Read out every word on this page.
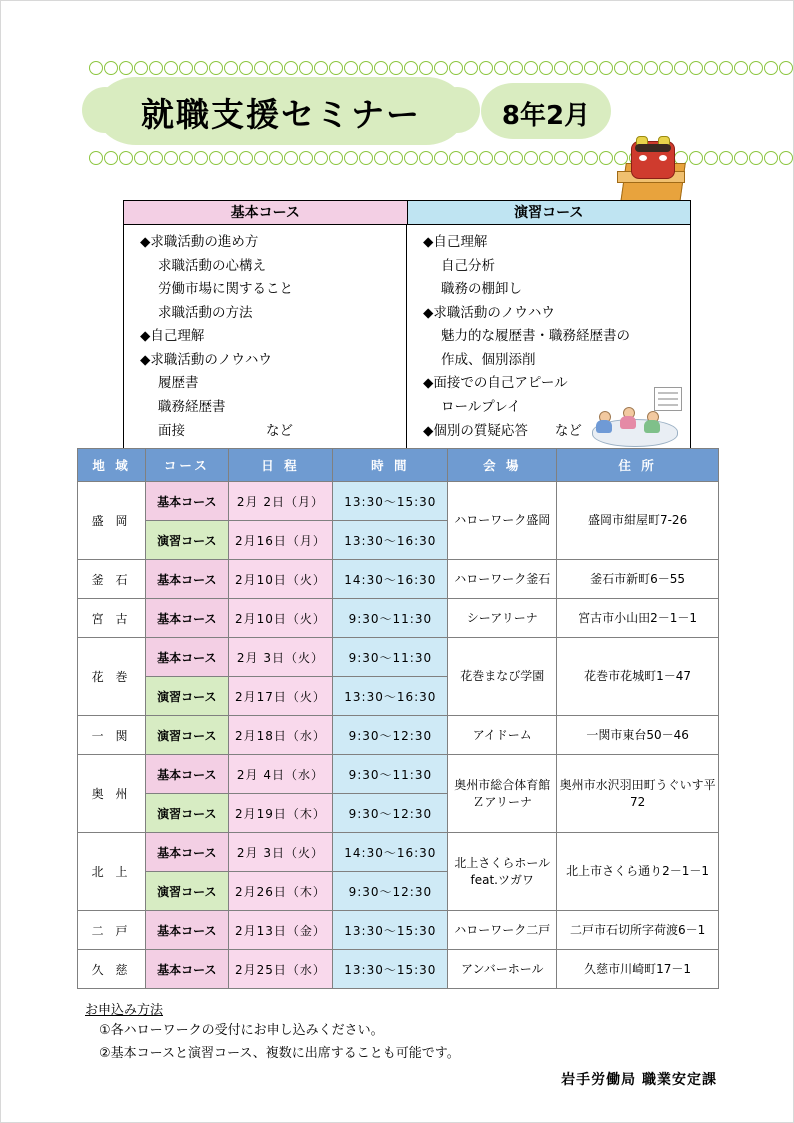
就職支援セミナー	8年2月
基本コース	演習コース

◆求職活動の進め方

求職活動の心構え

労働市場に関すること

求職活動の方法

◆自己理解

◆求職活動のノウハウ

履歴書

職務経歴書

面接　　　　　　など

◆自己理解

自己分析

職務の棚卸し

◆求職活動のノウハウ

魅力的な履歴書・職務経歴書の

作成、個別添削

◆面接での自己アピール

ロールプレイ

◆個別の質疑応答　　など

地 域	コース	日 程	時 間	会 場	住 所
盛 岡	基本コース	2月 2日（月）	13:30～15:30	ハローワーク盛岡	盛岡市紺屋町7-26
	演習コース	2月16日（月）	13:30～16:30		
釜 石	基本コース	2月10日（火）	14:30～16:30	ハローワーク釜石	釜石市新町6－55
宮 古	基本コース	2月10日（火）	9:30～11:30	シーアリーナ	宮古市小山田2－1－1
花 巻	基本コース	2月 3日（火）	9:30～11:30	花巻まなび学園	花巻市花城町1－47
	演習コース	2月17日（火）	13:30～16:30		
一 関	演習コース	2月18日（水）	9:30～12:30	アイドーム	一関市東台50－46
奥 州	基本コース	2月 4日（水）	9:30～11:30	奥州市総合体育館
Ｚアリーナ	奥州市水沢羽田町うぐいす平
72
	演習コース	2月19日（木）	9:30～12:30		
北 上	基本コース	2月 3日（火）	14:30～16:30	北上さくらホール
feat.ツガワ	北上市さくら通り2－1－1
	演習コース	2月26日（木）	9:30～12:30		
二 戸	基本コース	2月13日（金）	13:30～15:30	ハローワーク二戸	二戸市石切所字荷渡6－1
久 慈	基本コース	2月25日（水）	13:30～15:30	アンバーホール	久慈市川崎町17－1
お申込み方法

①各ハローワークの受付にお申し込みください。

②基本コースと演習コース、複数に出席することも可能です。

岩手労働局 職業安定課
